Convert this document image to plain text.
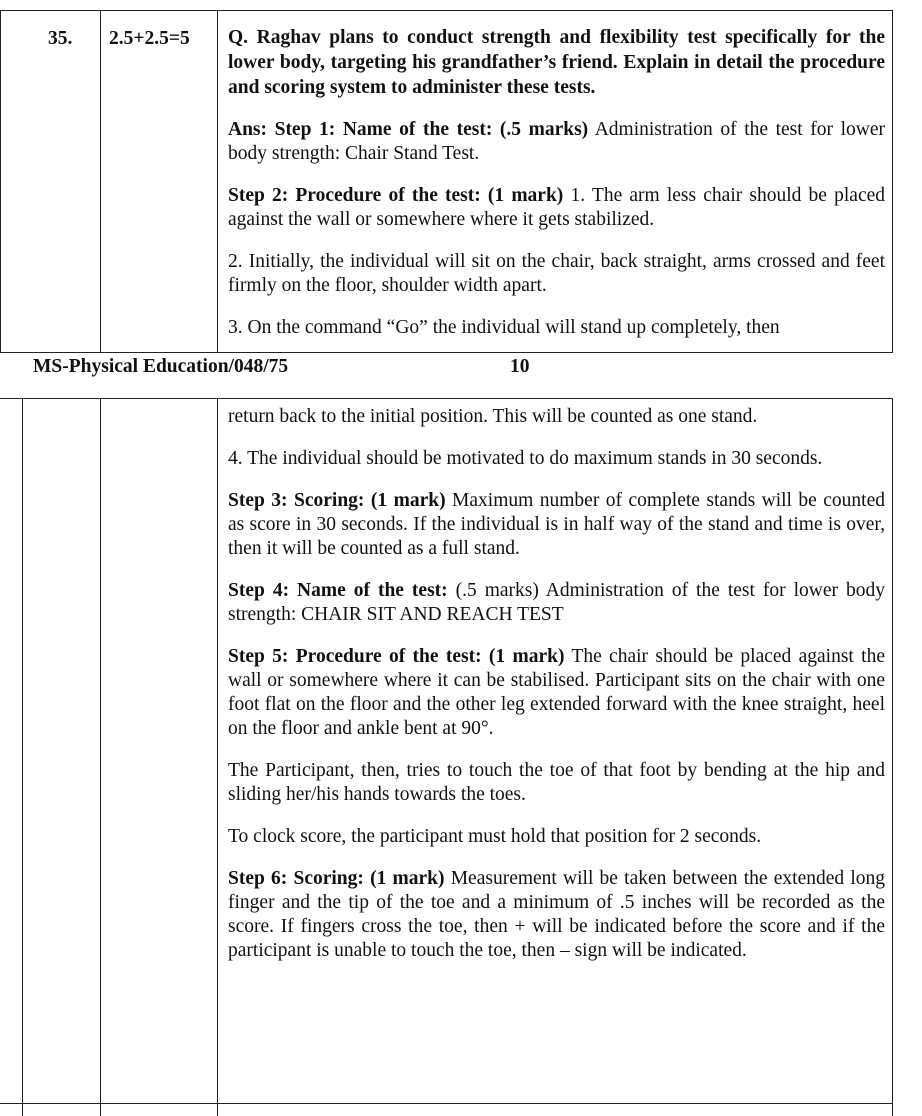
35. 2.5+2.5=5 Q. Raghav plans to conduct strength and flexibility test specifically for the lower body, targeting his grandfather’s friend. Explain in detail the procedure and scoring system to administer these tests.

Ans: Step 1: Name of the test: (.5 marks) Administration of the test for lower body strength: Chair Stand Test.

Step 2: Procedure of the test: (1 mark) 1. The arm less chair should be placed against the wall or somewhere where it gets stabilized.

2. Initially, the individual will sit on the chair, back straight, arms crossed and feet firmly on the floor, shoulder width apart.

3. On the command “Go” the individual will stand up completely, then

MS-Physical Education/048/75	10

return back to the initial position. This will be counted as one stand.

4. The individual should be motivated to do maximum stands in 30 seconds.

Step 3: Scoring: (1 mark) Maximum number of complete stands will be counted as score in 30 seconds. If the individual is in half way of the stand and time is over, then it will be counted as a full stand.

Step 4: Name of the test: (.5 marks) Administration of the test for lower body strength: CHAIR SIT AND REACH TEST

Step 5: Procedure of the test: (1 mark) The chair should be placed against the wall or somewhere where it can be stabilised. Participant sits on the chair with one foot flat on the floor and the other leg extended forward with the knee straight, heel on the floor and ankle bent at 90°.

The Participant, then, tries to touch the toe of that foot by bending at the hip and sliding her/his hands towards the toes.

To clock score, the participant must hold that position for 2 seconds.

Step 6: Scoring: (1 mark) Measurement will be taken between the extended long finger and the tip of the toe and a minimum of .5 inches will be recorded as the score. If fingers cross the toe, then + will be indicated before the score and if the participant is unable to touch the toe, then – sign will be indicated.
